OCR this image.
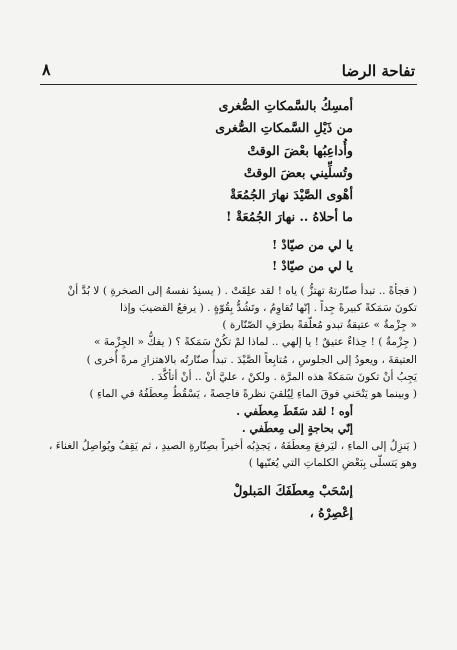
تفاحة الرضا
٨
أمسِكُ بالسَّمكاتِ الصُّغرى
من ذَيْلِ السَّمكاتِ الصُّغرى
وأُداعِبُها بعْضَ الوقتْ
وتُسلِّيني بعضَ الوقتْ
أهْوى الصَّيْدَ نهارَ الجُمُعَةْ
ما أحلاهُ .. نهارَ الجُمُعَةْ !
يا لي من صيّادْ !
يا لي من صيّادْ !
( فجأةً .. تبدأ صنّارتهُ تهتزُّ ) ياه ! لقد علِقَتْ . ( يسنِدُ نفسهُ إلى الصخرةِ ) لا بُدَّ أنْ
تكونَ سَمَكةً كبيرةً جِداً . إنّها تُقاوِمُ ، وتَشُدُّ بِقُوّةٍ . ( يرفعُ القضيبَ وإذا
« جِزْمةٌ » عتيقةٌ تبدو مُعلّقةً بطرَفِ الصّنّارة )
( جِزْمةٌ ) ! حِذاءٌ عتيقٌ ! يا إلهي .. لماذا لمْ تكُنْ سَمَكةً ؟ ( يفكُّ « الجِزْمةَ »
العتيقةَ ، ويعودُ إلى الجلوسِ ، مُتابِعاً الصَّيْدَ . تبدأُ صنّارتُه بالاهتزازِ مرةً أُخرى )
يَجِبُ أنْ تكونَ سَمَكةً هذه المرَّة . ولكنْ ، عليَّ أنْ .. أنْ أتأكَّدَ .
( وبينما هو يَنْحَني فوقَ الماءِ لِيُلقيَ نظرةً فاحِصةً ، يَسْقُطُ مِعطَفُهُ في الماءِ )
أوه ! لقد سَقَطَ مِعطَفي .
إنّي بحاجةٍ إلى مِعطَفي .
( يَنزِلُ إلى الماءِ ، ليَرفعَ مِعطَفَهُ ، يَجذِبُه أخيراً بصِنّارةِ الصيدِ ، ثم يَقِفُ ويُواصِلُ الغناءَ ،
وهو يَتسلّى بِبَعْضِ الكلماتِ التي يُغنّيها )
إسْحَبْ مِعطَفَكَ المَبلولْ
إعْصِرْهُ ،
